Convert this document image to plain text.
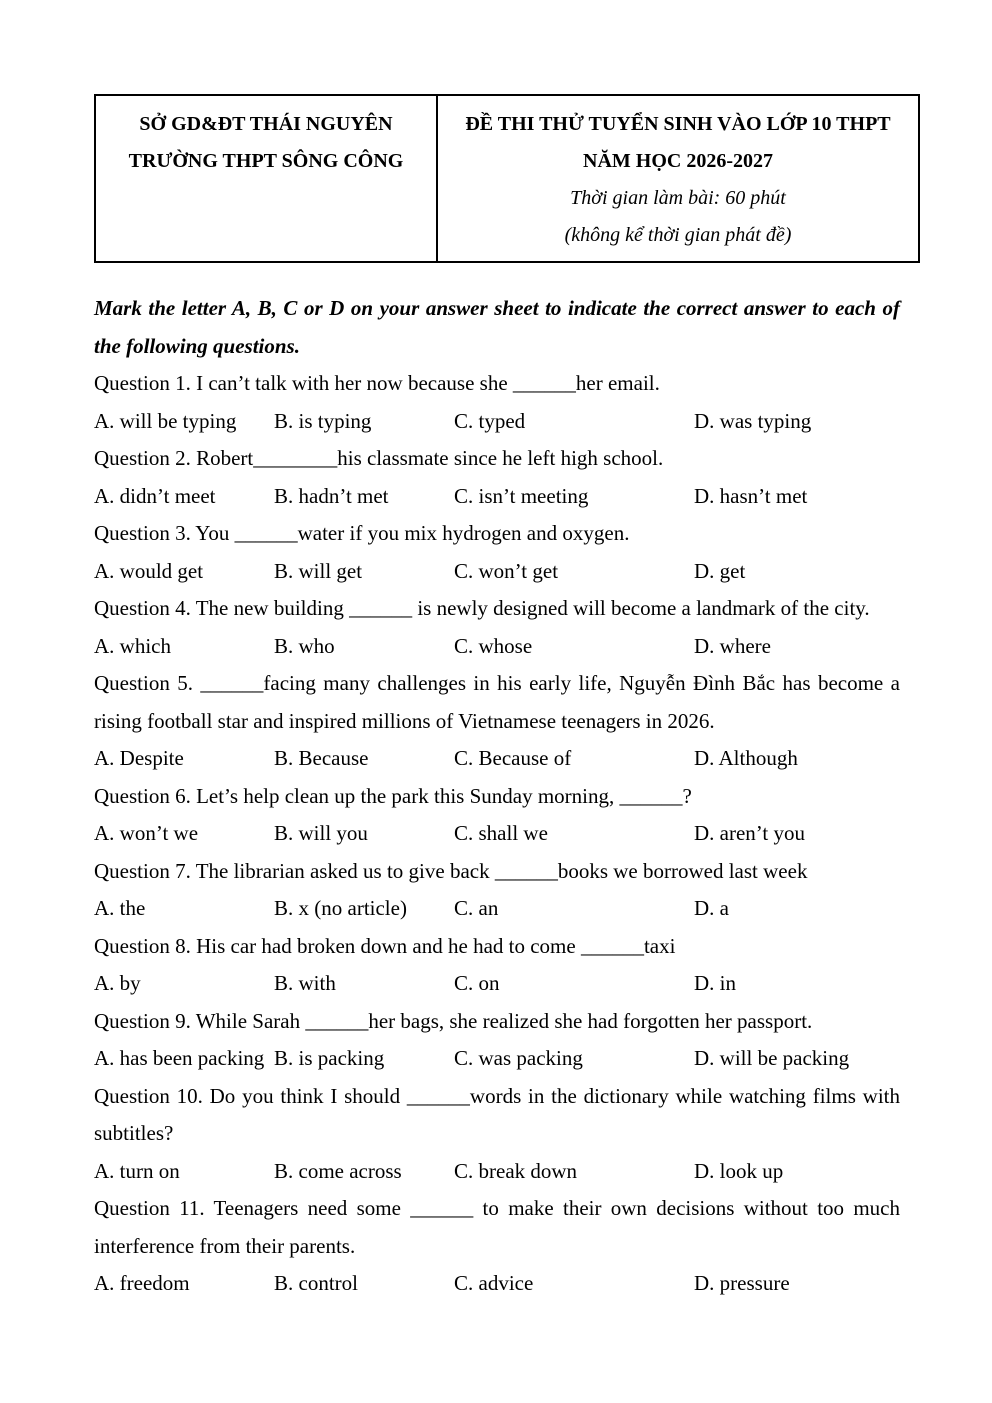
SỞ GD&ĐT THÁI NGUYÊN
TRƯỜNG THPT SÔNG CÔNG
ĐỀ THI THỬ TUYỂN SINH VÀO LỚP 10 THPT
NĂM HỌC 2026-2027
Thời gian làm bài: 60 phút
(không kể thời gian phát đề)
Mark the letter A, B, C or D on your answer sheet to indicate the correct answer to each of
the following questions.
Question 1. I can’t talk with her now because she ______her email.
A. will be typing B. is typing	C. typed	D. was typing
Question 2. Robert________his classmate since he left high school.
A. didn’t meet	B. hadn’t met	C. isn’t meeting	D. hasn’t met
Question 3. You ______water if you mix hydrogen and oxygen.
A. would get	B. will get	C. won’t get	D. get
Question 4. The new building ______ is newly designed will become a landmark of the city.
A. which	B. who	C. whose	D. where
Question 5. ______facing many challenges in his early life, Nguyễn Đình Bắc has become a
rising football star and inspired millions of Vietnamese teenagers in 2026.
A. Despite	B. Because	C. Because of	D. Although
Question 6. Let’s help clean up the park this Sunday morning, ______?
A. won’t we	B. will you	C. shall we	D. aren’t you
Question 7. The librarian asked us to give back ______books we borrowed last week
A. the	B. x (no article) C. an	D. a
Question 8. His car had broken down and he had to come ______taxi
A. by	B. with	C. on	D. in
Question 9. While Sarah ______her bags, she realized she had forgotten her passport.
A. has been packing B. is packing	C. was packing	D. will be packing
Question 10. Do you think I should ______words in the dictionary while watching films with
subtitles?
A. turn on	B. come across C. break down	D. look up
Question 11. Teenagers need some ______ to make their own decisions without too much
interference from their parents.
A. freedom	B. control	C. advice	D. pressure
